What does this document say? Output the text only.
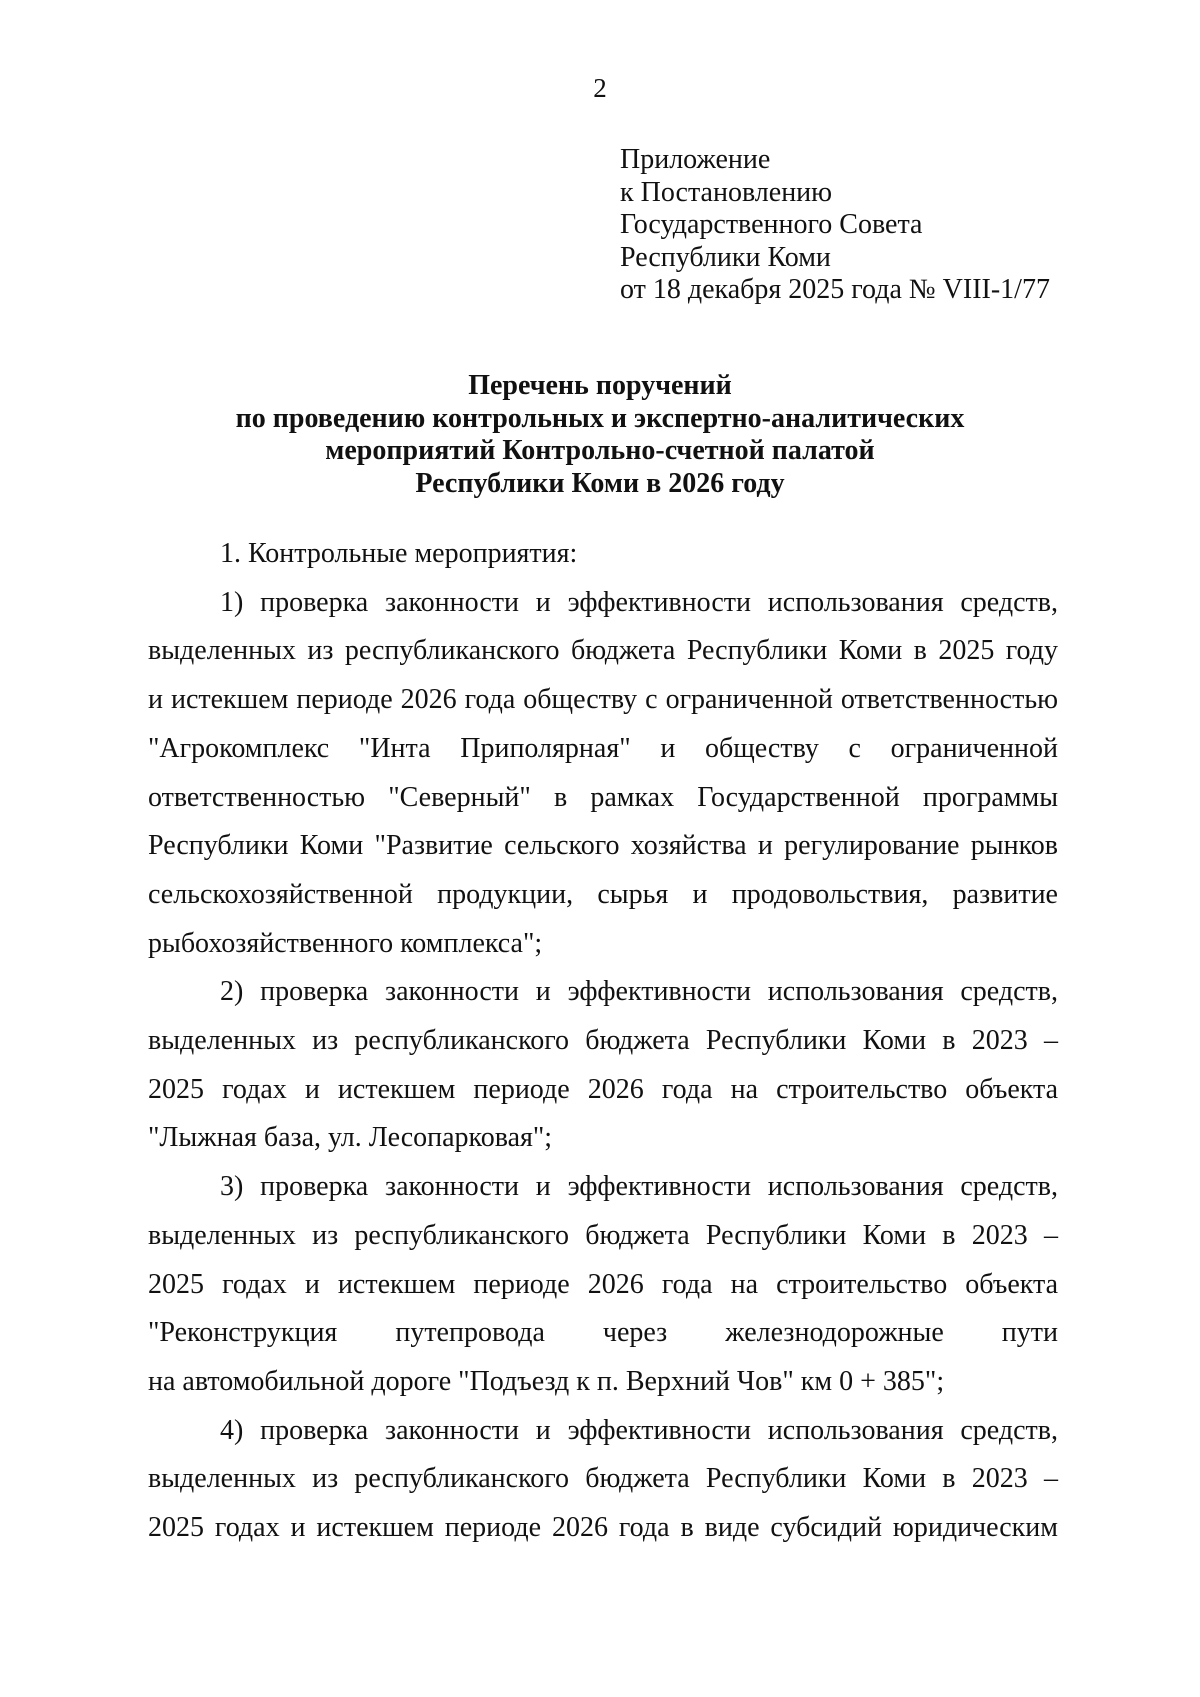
2
Приложение
к Постановлению
Государственного Совета
Республики Коми
от 18 декабря 2025 года № VIII-1/77
Перечень поручений
по проведению контрольных и экспертно-аналитических
мероприятий Контрольно-счетной палатой
Республики Коми в 2026 году
1. Контрольные мероприятия:
1) проверка законности и эффективности использования средств,
выделенных из республиканского бюджета Республики Коми в 2025 году
и истекшем периоде 2026 года обществу с ограниченной ответственностью
"Агрокомплекс "Инта Приполярная" и обществу с ограниченной
ответственностью "Северный" в рамках Государственной программы
Республики Коми "Развитие сельского хозяйства и регулирование рынков
сельскохозяйственной продукции, сырья и продовольствия, развитие
рыбохозяйственного комплекса";
2) проверка законности и эффективности использования средств,
выделенных из республиканского бюджета Республики Коми в 2023 –
2025 годах и истекшем периоде 2026 года на строительство объекта
"Лыжная база, ул. Лесопарковая";
3) проверка законности и эффективности использования средств,
выделенных из республиканского бюджета Республики Коми в 2023 –
2025 годах и истекшем периоде 2026 года на строительство объекта
"Реконструкция путепровода через железнодорожные пути
на автомобильной дороге "Подъезд к п. Верхний Чов" км 0 + 385";
4) проверка законности и эффективности использования средств,
выделенных из республиканского бюджета Республики Коми в 2023 –
2025 годах и истекшем периоде 2026 года в виде субсидий юридическим
